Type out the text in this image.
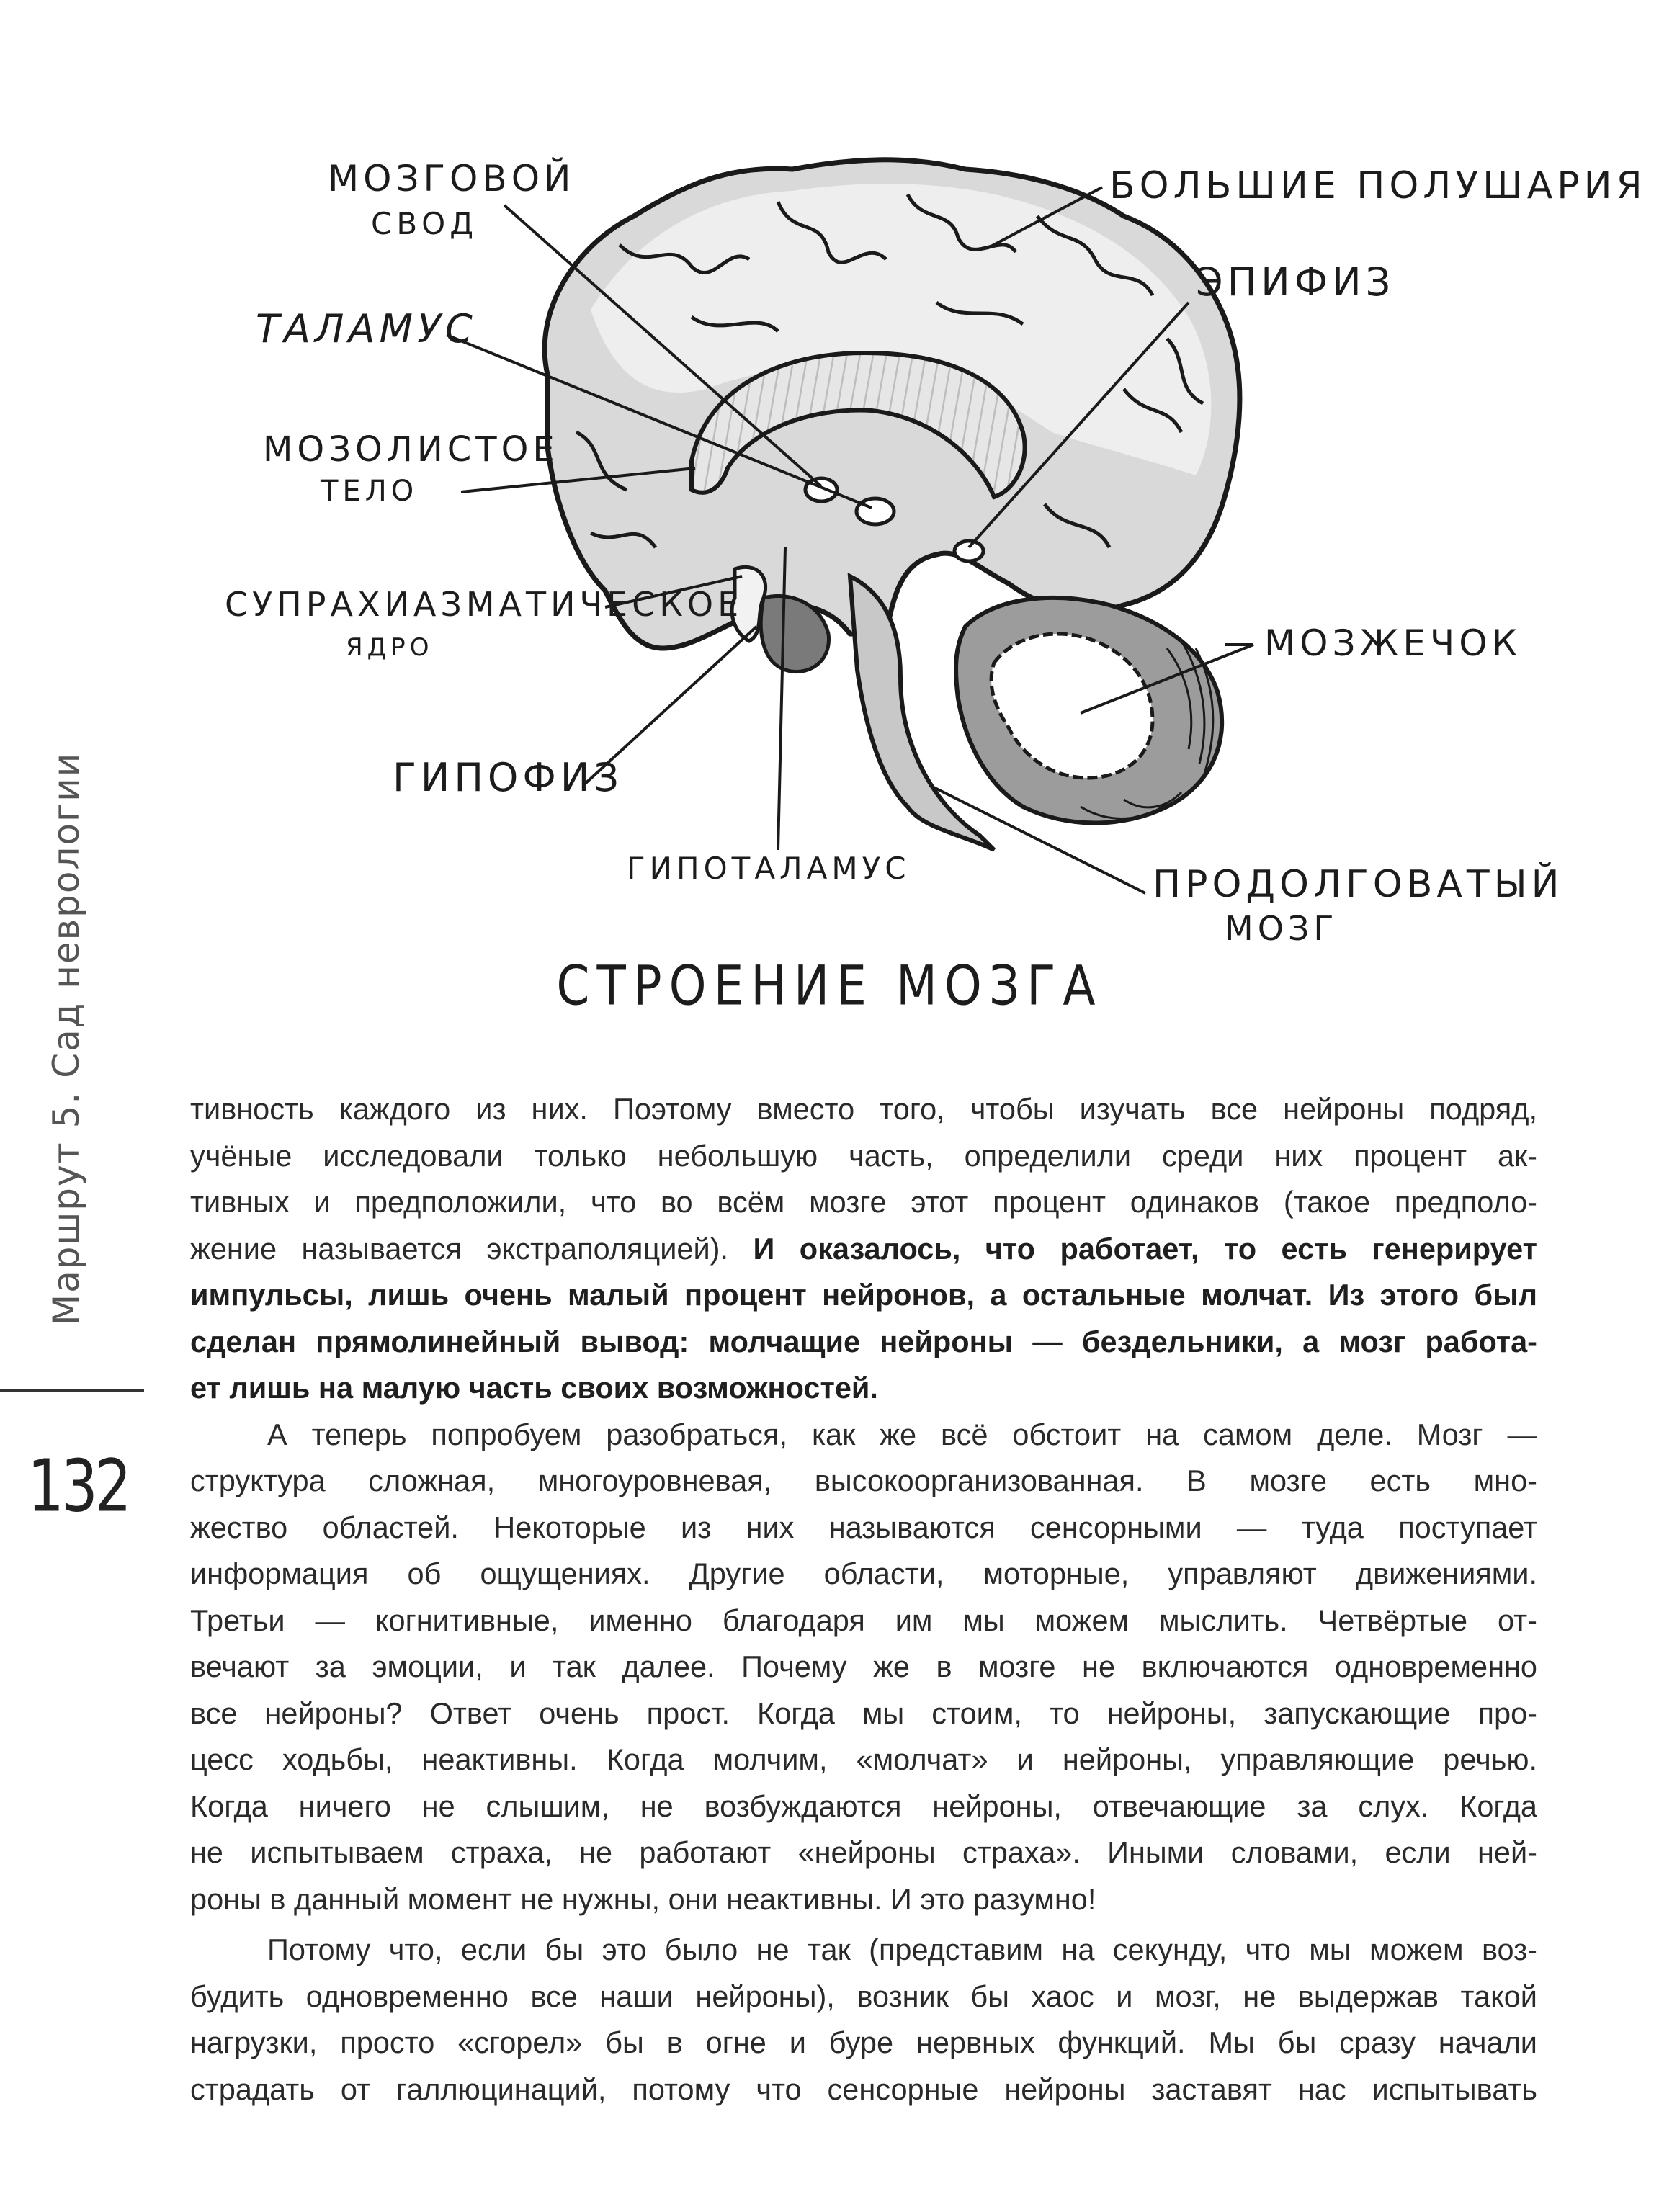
МОЗГОВОЙ
СВОД
ТАЛАМУС
МОЗОЛИСТОЕ
ТЕЛО
СУПРАХИАЗМАТИЧЕСКОЕ
ЯДРО
ГИПОФИЗ
ГИПОТАЛАМУС
БОЛЬШИЕ ПОЛУШАРИЯ
ЭПИФИЗ
МОЗЖЕЧОК
ПРОДОЛГОВАТЫЙ
МОЗГ
СТРОЕНИЕ МОЗГА
Маршрут 5. Сад неврологии
132

тивность каждого из них. Поэтому вместо того, чтобы изучать все нейроны подряд,
учёные исследовали только небольшую часть, определили среди них процент ак-
тивных и предположили, что во всём мозге этот процент одинаков (такое предполо-
жение называется экстраполяцией). И оказалось, что работает, то есть генерирует
импульсы, лишь очень малый процент нейронов, а остальные молчат. Из этого был
сделан прямолинейный вывод: молчащие нейроны — бездельники, а мозг работа-
ет лишь на малую часть своих возможностей.

А теперь попробуем разобраться, как же всё обстоит на самом деле. Мозг —
структура сложная, многоуровневая, высокоорганизованная. В мозге есть мно-
жество областей. Некоторые из них называются сенсорными — туда поступает
информация об ощущениях. Другие области, моторные, управляют движениями.
Третьи — когнитивные, именно благодаря им мы можем мыслить. Четвёртые от-
вечают за эмоции, и так далее. Почему же в мозге не включаются одновременно
все нейроны? Ответ очень прост. Когда мы стоим, то нейроны, запускающие про-
цесс ходьбы, неактивны. Когда молчим, «молчат» и нейроны, управляющие речью.
Когда ничего не слышим, не возбуждаются нейроны, отвечающие за слух. Когда
не испытываем страха, не работают «нейроны страха». Иными словами, если ней-
роны в данный момент не нужны, они неактивны. И это разумно!

Потому что, если бы это было не так (представим на секунду, что мы можем воз-
будить одновременно все наши нейроны), возник бы хаос и мозг, не выдержав такой
нагрузки, просто «сгорел» бы в огне и буре нервных функций. Мы бы сразу начали
страдать от галлюцинаций, потому что сенсорные нейроны заставят нас испытывать
